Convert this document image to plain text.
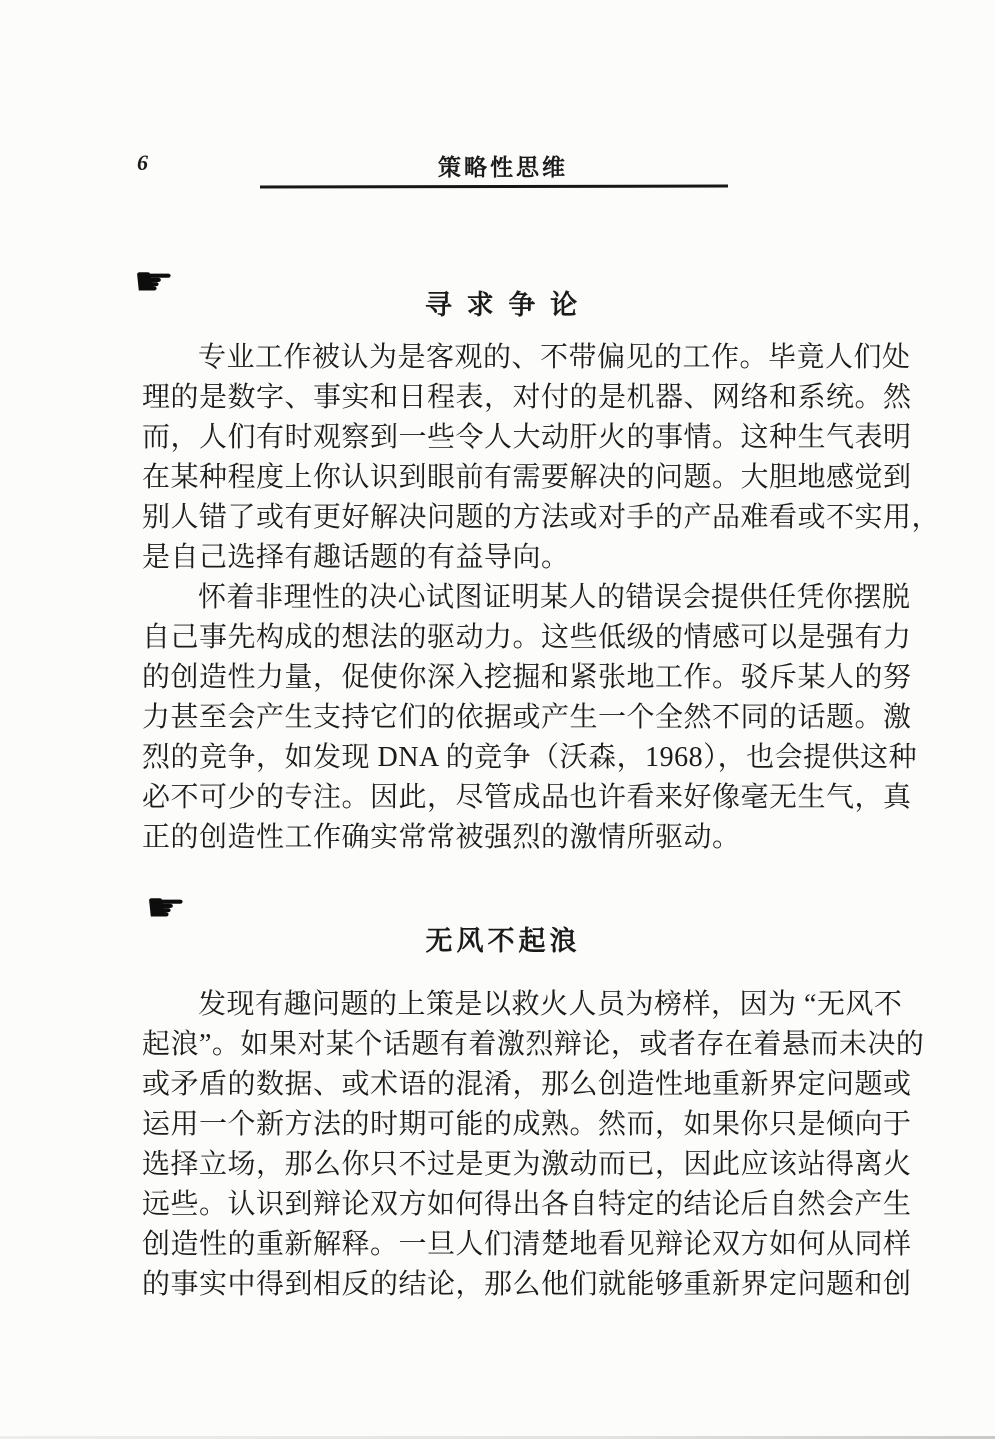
6	策略性思维
☛
寻 求 争 论
专业工作被认为是客观的、不带偏见的工作。毕竟人们处
理的是数字、事实和日程表，对付的是机器、网络和系统。然
而，人们有时观察到一些令人大动肝火的事情。这种生气表明
在某种程度上你认识到眼前有需要解决的问题。大胆地感觉到
别人错了或有更好解决问题的方法或对手的产品难看或不实用，
是自己选择有趣话题的有益导向。
怀着非理性的决心试图证明某人的错误会提供任凭你摆脱
自己事先构成的想法的驱动力。这些低级的情感可以是强有力
的创造性力量，促使你深入挖掘和紧张地工作。驳斥某人的努
力甚至会产生支持它们的依据或产生一个全然不同的话题。激
烈的竞争，如发现 DNA 的竞争（沃森，1968），也会提供这种
必不可少的专注。因此，尽管成品也许看来好像毫无生气，真
正的创造性工作确实常常被强烈的激情所驱动。
☛
无风不起浪
发现有趣问题的上策是以救火人员为榜样，因为 “无风不
起浪”。如果对某个话题有着激烈辩论，或者存在着悬而未决的
或矛盾的数据、或术语的混淆，那么创造性地重新界定问题或
运用一个新方法的时期可能的成熟。然而，如果你只是倾向于
选择立场，那么你只不过是更为激动而已，因此应该站得离火
远些。认识到辩论双方如何得出各自特定的结论后自然会产生
创造性的重新解释。一旦人们清楚地看见辩论双方如何从同样
的事实中得到相反的结论，那么他们就能够重新界定问题和创
